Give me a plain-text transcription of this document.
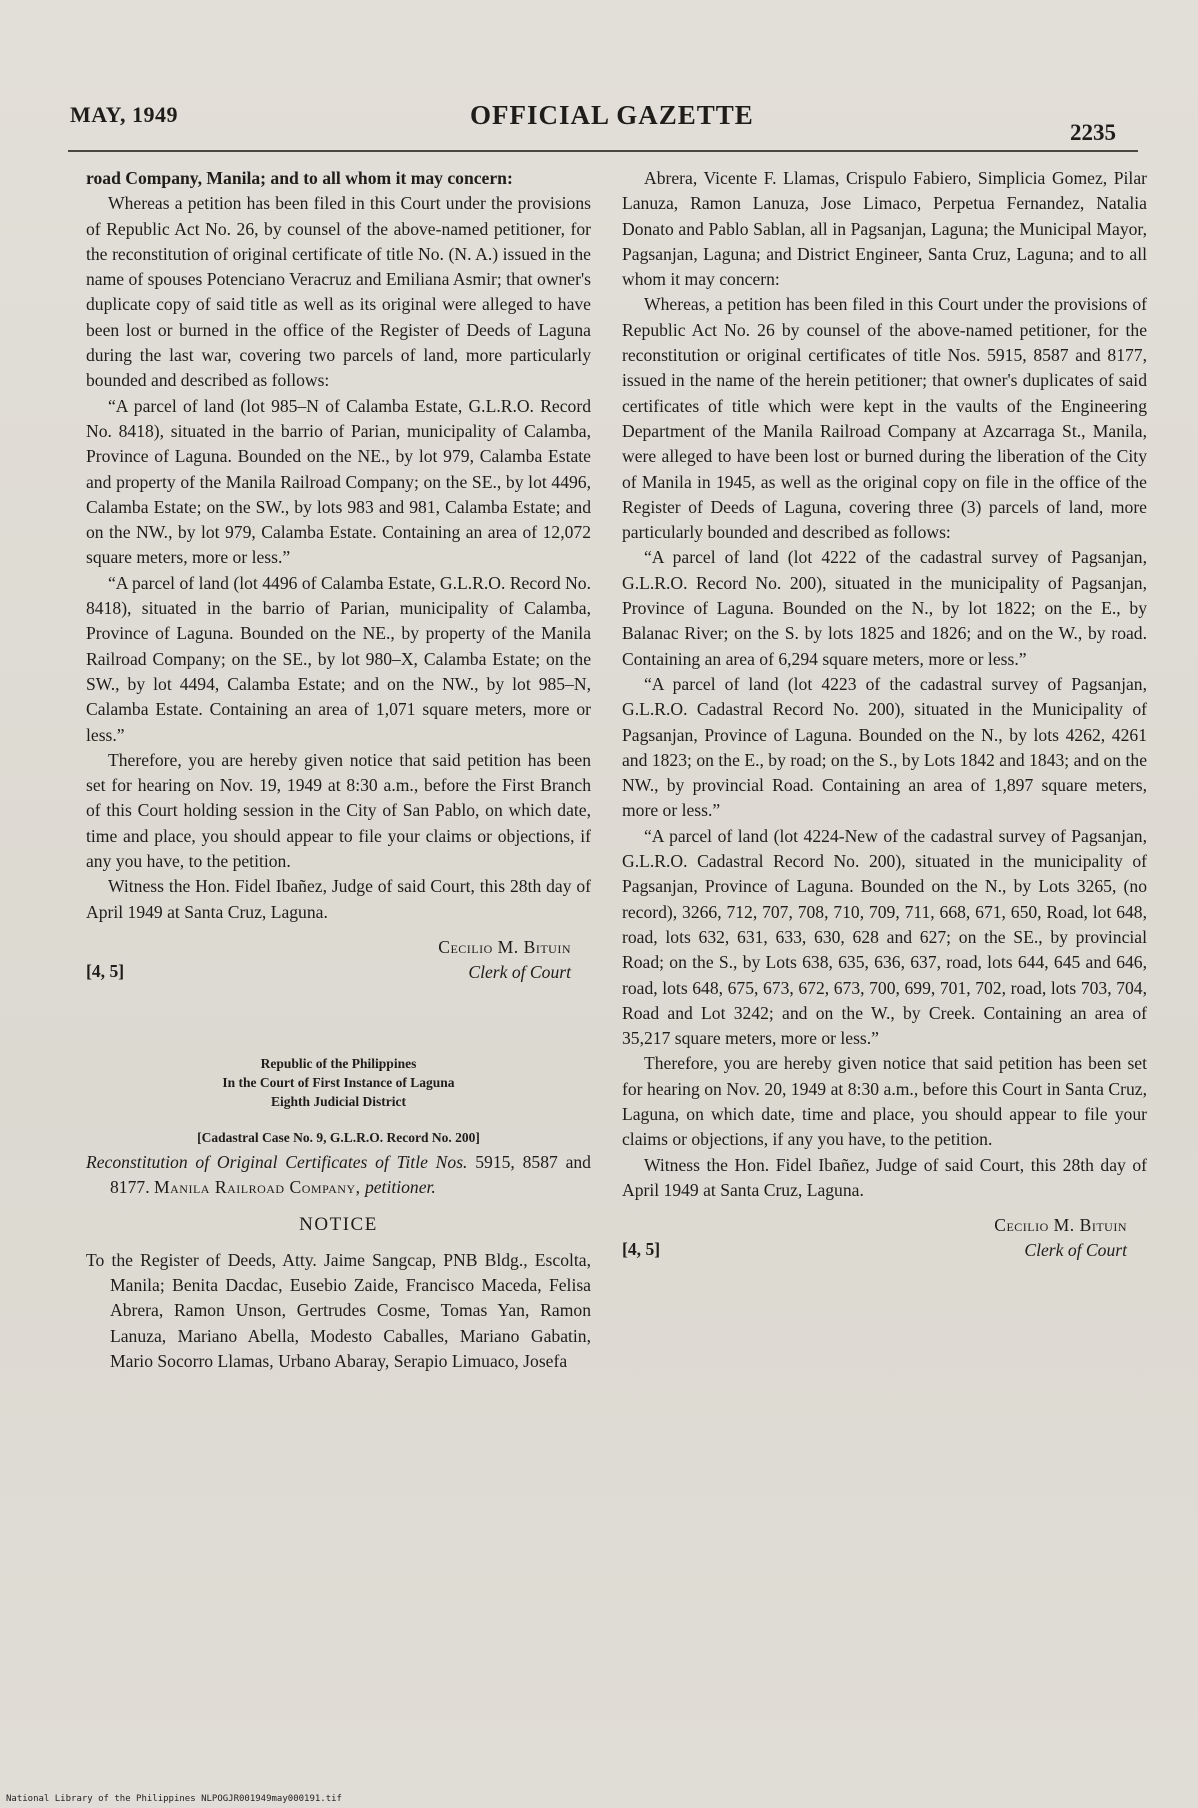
MAY, 1949	OFFICIAL GAZETTE
2235

road Company, Manila; and to all whom it may concern:

Whereas a petition has been filed in this Court under the provisions of Republic Act No. 26, by counsel of the above-named petitioner, for the reconstitution of original certificate of title No. (N. A.) issued in the name of spouses Potenciano Veracruz and Emiliana Asmir; that owner's duplicate copy of said title as well as its original were alleged to have been lost or burned in the office of the Register of Deeds of Laguna during the last war, covering two parcels of land, more particularly bounded and described as follows:

“A parcel of land (lot 985–N of Calamba Estate, G.L.R.O. Record No. 8418), situated in the barrio of Parian, municipality of Calamba, Province of Laguna. Bounded on the NE., by lot 979, Calamba Estate and property of the Manila Railroad Company; on the SE., by lot 4496, Calamba Estate; on the SW., by lots 983 and 981, Calamba Estate; and on the NW., by lot 979, Calamba Estate. Containing an area of 12,072 square meters, more or less.”

“A parcel of land (lot 4496 of Calamba Estate, G.L.R.O. Record No. 8418), situated in the barrio of Parian, municipality of Calamba, Province of Laguna. Bounded on the NE., by property of the Manila Railroad Company; on the SE., by lot 980–X, Calamba Estate; on the SW., by lot 4494, Calamba Estate; and on the NW., by lot 985–N, Calamba Estate. Containing an area of 1,071 square meters, more or less.”

Therefore, you are hereby given notice that said petition has been set for hearing on Nov. 19, 1949 at 8:30 a.m., before the First Branch of this Court holding session in the City of San Pablo, on which date, time and place, you should appear to file your claims or objections, if any you have, to the petition.

Witness the Hon. Fidel Ibañez, Judge of said Court, this 28th day of April 1949 at Santa Cruz, Laguna.

[4, 5]
Cecilio M. Bituin
Clerk of Court
Republic of the Philippines
In the Court of First Instance of Laguna
Eighth Judicial District
[Cadastral Case No. 9, G.L.R.O. Record No. 200]

Reconstitution of Original Certificates of Title Nos. 5915, 8587 and 8177. Manila Railroad Company, petitioner.

NOTICE

To the Register of Deeds, Atty. Jaime Sangcap, PNB Bldg., Escolta, Manila; Benita Dacdac, Eusebio Zaide, Francisco Maceda, Felisa Abrera, Ramon Unson, Gertrudes Cosme, Tomas Yan, Ramon Lanuza, Mariano Abella, Modesto Caballes, Mariano Gabatin, Mario Socorro Llamas, Urbano Abaray, Serapio Limuaco, Josefa

Abrera, Vicente F. Llamas, Crispulo Fabiero, Simplicia Gomez, Pilar Lanuza, Ramon Lanuza, Jose Limaco, Perpetua Fernandez, Natalia Donato and Pablo Sablan, all in Pagsanjan, Laguna; the Municipal Mayor, Pagsanjan, Laguna; and District Engineer, Santa Cruz, Laguna; and to all whom it may concern:

Whereas, a petition has been filed in this Court under the provisions of Republic Act No. 26 by counsel of the above-named petitioner, for the reconstitution or original certificates of title Nos. 5915, 8587 and 8177, issued in the name of the herein petitioner; that owner's duplicates of said certificates of title which were kept in the vaults of the Engineering Department of the Manila Railroad Company at Azcarraga St., Manila, were alleged to have been lost or burned during the liberation of the City of Manila in 1945, as well as the original copy on file in the office of the Register of Deeds of Laguna, covering three (3) parcels of land, more particularly bounded and described as follows:

“A parcel of land (lot 4222 of the cadastral survey of Pagsanjan, G.L.R.O. Record No. 200), situated in the municipality of Pagsanjan, Province of Laguna. Bounded on the N., by lot 1822; on the E., by Balanac River; on the S. by lots 1825 and 1826; and on the W., by road. Containing an area of 6,294 square meters, more or less.”

“A parcel of land (lot 4223 of the cadastral survey of Pagsanjan, G.L.R.O. Cadastral Record No. 200), situated in the Municipality of Pagsanjan, Province of Laguna. Bounded on the N., by lots 4262, 4261 and 1823; on the E., by road; on the S., by Lots 1842 and 1843; and on the NW., by provincial Road. Containing an area of 1,897 square meters, more or less.”

“A parcel of land (lot 4224-New of the cadastral survey of Pagsanjan, G.L.R.O. Cadastral Record No. 200), situated in the municipality of Pagsanjan, Province of Laguna. Bounded on the N., by Lots 3265, (no record), 3266, 712, 707, 708, 710, 709, 711, 668, 671, 650, Road, lot 648, road, lots 632, 631, 633, 630, 628 and 627; on the SE., by provincial Road; on the S., by Lots 638, 635, 636, 637, road, lots 644, 645 and 646, road, lots 648, 675, 673, 672, 673, 700, 699, 701, 702, road, lots 703, 704, Road and Lot 3242; and on the W., by Creek. Containing an area of 35,217 square meters, more or less.”

Therefore, you are hereby given notice that said petition has been set for hearing on Nov. 20, 1949 at 8:30 a.m., before this Court in Santa Cruz, Laguna, on which date, time and place, you should appear to file your claims or objections, if any you have, to the petition.

Witness the Hon. Fidel Ibañez, Judge of said Court, this 28th day of April 1949 at Santa Cruz, Laguna.

[4, 5]
Cecilio M. Bituin
Clerk of Court
National Library of the Philippines NLPOGJR001949may000191.tif
